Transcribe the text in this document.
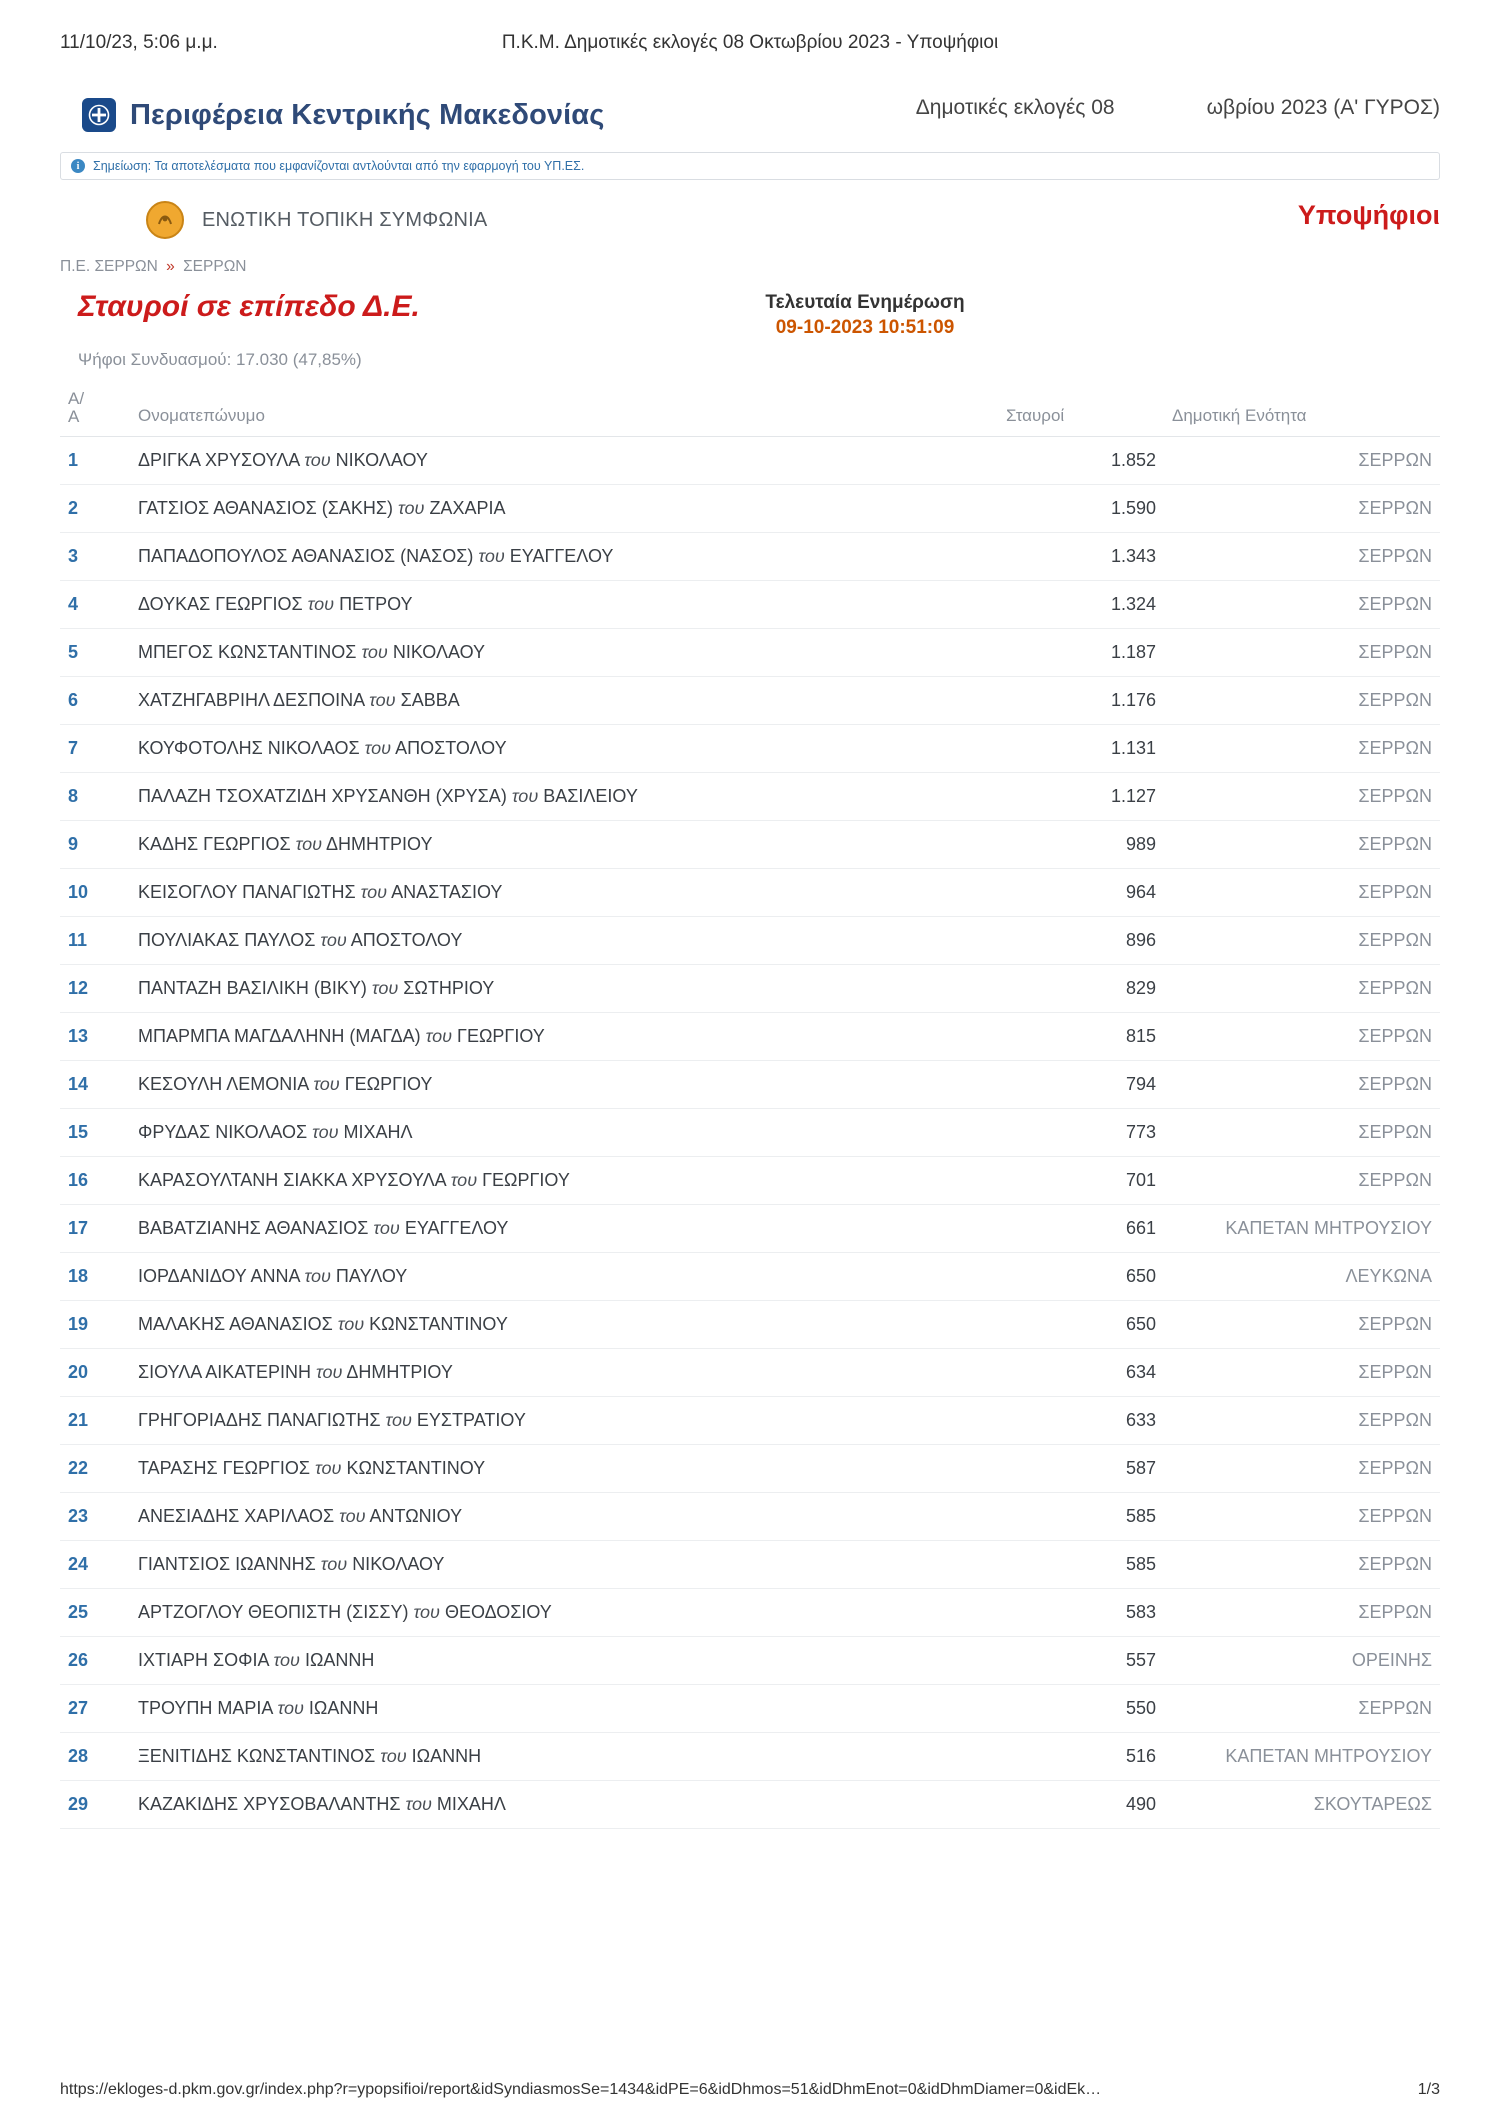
11/10/23, 5:06 μ.μ.	Π.Κ.Μ. Δημοτικές εκλογές 08 Οκτωβρίου 2023 - Υποψήφιοι
Περιφέρεια Κεντρικής Μακεδονίας	Δημοτικές εκλογές 08	ωβρίου 2023 (Α' ΓΥΡΟΣ)
i	Σημείωση: Τα αποτελέσματα που εμφανίζονται αντλούνται από την εφαρμογή του ΥΠ.ΕΣ.
ΕΝΩΤΙΚΗ ΤΟΠΙΚΗ ΣΥΜΦΩΝΙΑ	Υποψήφιοι
Π.Ε. ΣΕΡΡΩΝ » ΣΕΡΡΩΝ
Σταυροί σε επίπεδο Δ.Ε.	Τελευταία Ενημέρωση
09-10-2023 10:51:09
Ψήφοι Συνδυασμού: 17.030 (47,85%)
Α/
Α	Ονοματεπώνυμο	Σταυροί	Δημοτική Ενότητα
1	ΔΡΙΓΚΑ ΧΡΥΣΟΥΛΑ του ΝΙΚΟΛΑΟΥ	1.852	ΣΕΡΡΩΝ
2	ΓΑΤΣΙΟΣ ΑΘΑΝΑΣΙΟΣ (ΣΑΚΗΣ) του ΖΑΧΑΡΙΑ	1.590	ΣΕΡΡΩΝ
3	ΠΑΠΑΔΟΠΟΥΛΟΣ ΑΘΑΝΑΣΙΟΣ (ΝΑΣΟΣ) του ΕΥΑΓΓΕΛΟΥ	1.343	ΣΕΡΡΩΝ
4	ΔΟΥΚΑΣ ΓΕΩΡΓΙΟΣ του ΠΕΤΡΟΥ	1.324	ΣΕΡΡΩΝ
5	ΜΠΕΓΟΣ ΚΩΝΣΤΑΝΤΙΝΟΣ του ΝΙΚΟΛΑΟΥ	1.187	ΣΕΡΡΩΝ
6	ΧΑΤΖΗΓΑΒΡΙΗΛ ΔΕΣΠΟΙΝΑ του ΣΑΒΒΑ	1.176	ΣΕΡΡΩΝ
7	ΚΟΥΦΟΤΟΛΗΣ ΝΙΚΟΛΑΟΣ του ΑΠΟΣΤΟΛΟΥ	1.131	ΣΕΡΡΩΝ
8	ΠΑΛΑΖΗ ΤΣΟΧΑΤΖΙΔΗ ΧΡΥΣΑΝΘΗ (ΧΡΥΣΑ) του ΒΑΣΙΛΕΙΟΥ	1.127	ΣΕΡΡΩΝ
9	ΚΑΔΗΣ ΓΕΩΡΓΙΟΣ του ΔΗΜΗΤΡΙΟΥ	989	ΣΕΡΡΩΝ
10	ΚΕΙΣΟΓΛΟΥ ΠΑΝΑΓΙΩΤΗΣ του ΑΝΑΣΤΑΣΙΟΥ	964	ΣΕΡΡΩΝ
11	ΠΟΥΛΙΑΚΑΣ ΠΑΥΛΟΣ του ΑΠΟΣΤΟΛΟΥ	896	ΣΕΡΡΩΝ
12	ΠΑΝΤΑΖΗ ΒΑΣΙΛΙΚΗ (ΒΙΚΥ) του ΣΩΤΗΡΙΟΥ	829	ΣΕΡΡΩΝ
13	ΜΠΑΡΜΠΑ ΜΑΓΔΑΛΗΝΗ (ΜΑΓΔΑ) του ΓΕΩΡΓΙΟΥ	815	ΣΕΡΡΩΝ
14	ΚΕΣΟΥΛΗ ΛΕΜΟΝΙΑ του ΓΕΩΡΓΙΟΥ	794	ΣΕΡΡΩΝ
15	ΦΡΥΔΑΣ ΝΙΚΟΛΑΟΣ του ΜΙΧΑΗΛ	773	ΣΕΡΡΩΝ
16	ΚΑΡΑΣΟΥΛΤΑΝΗ ΣΙΑΚΚΑ ΧΡΥΣΟΥΛΑ του ΓΕΩΡΓΙΟΥ	701	ΣΕΡΡΩΝ
17	ΒΑΒΑΤΖΙΑΝΗΣ ΑΘΑΝΑΣΙΟΣ του ΕΥΑΓΓΕΛΟΥ	661	ΚΑΠΕΤΑΝ ΜΗΤΡΟΥΣΙΟΥ
18	ΙΟΡΔΑΝΙΔΟΥ ΑΝΝΑ του ΠΑΥΛΟΥ	650	ΛΕΥΚΩΝΑ
19	ΜΑΛΑΚΗΣ ΑΘΑΝΑΣΙΟΣ του ΚΩΝΣΤΑΝΤΙΝΟΥ	650	ΣΕΡΡΩΝ
20	ΣΙΟΥΛΑ ΑΙΚΑΤΕΡΙΝΗ του ΔΗΜΗΤΡΙΟΥ	634	ΣΕΡΡΩΝ
21	ΓΡΗΓΟΡΙΑΔΗΣ ΠΑΝΑΓΙΩΤΗΣ του ΕΥΣΤΡΑΤΙΟΥ	633	ΣΕΡΡΩΝ
22	ΤΑΡΑΣΗΣ ΓΕΩΡΓΙΟΣ του ΚΩΝΣΤΑΝΤΙΝΟΥ	587	ΣΕΡΡΩΝ
23	ΑΝΕΣΙΑΔΗΣ ΧΑΡΙΛΑΟΣ του ΑΝΤΩΝΙΟΥ	585	ΣΕΡΡΩΝ
24	ΓΙΑΝΤΣΙΟΣ ΙΩΑΝΝΗΣ του ΝΙΚΟΛΑΟΥ	585	ΣΕΡΡΩΝ
25	ΑΡΤΖΟΓΛΟΥ ΘΕΟΠΙΣΤΗ (ΣΙΣΣΥ) του ΘΕΟΔΟΣΙΟΥ	583	ΣΕΡΡΩΝ
26	ΙΧΤΙΑΡΗ ΣΟΦΙΑ του ΙΩΑΝΝΗ	557	ΟΡΕΙΝΗΣ
27	ΤΡΟΥΠΗ ΜΑΡΙΑ του ΙΩΑΝΝΗ	550	ΣΕΡΡΩΝ
28	ΞΕΝΙΤΙΔΗΣ ΚΩΝΣΤΑΝΤΙΝΟΣ του ΙΩΑΝΝΗ	516	ΚΑΠΕΤΑΝ ΜΗΤΡΟΥΣΙΟΥ
29	ΚΑΖΑΚΙΔΗΣ ΧΡΥΣΟΒΑΛΑΝΤΗΣ του ΜΙΧΑΗΛ	490	ΣΚΟΥΤΑΡΕΩΣ
https://ekloges-d.pkm.gov.gr/index.php?r=ypopsifioi/report&idSyndiasmosSe=1434&idPE=6&idDhmos=51&idDhmEnot=0&idDhmDiamer=0&idEk…	1/3
